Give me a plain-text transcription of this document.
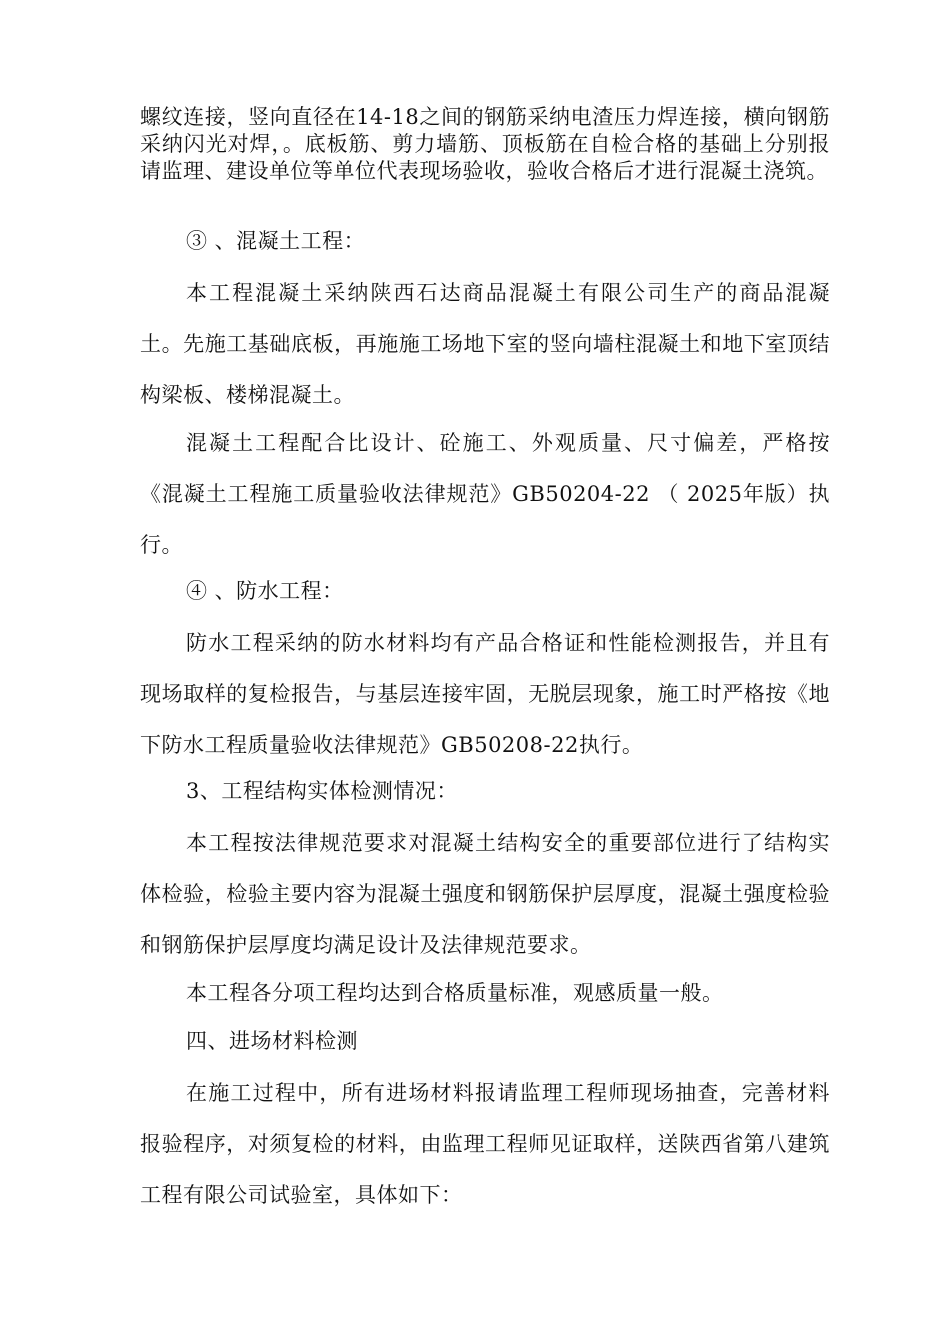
螺纹连接，竖向直径在14-18之间的钢筋采纳电渣压力焊连接，横向钢筋采纳闪光对焊，。底板筋、剪力墙筋、顶板筋在自检合格的基础上分别报请监理、建设单位等单位代表现场验收，验收合格后才进行混凝土浇筑。

③ 、混凝土工程：

本工程混凝土采纳陕西石达商品混凝土有限公司生产的商品混凝土。先施工基础底板，再施施工场地下室的竖向墙柱混凝土和地下室顶结构梁板、楼梯混凝土。

混凝土工程配合比设计、砼施工、外观质量、尺寸偏差，严格按《混凝土工程施工质量验收法律规范》GB50204-22 （ 2025年版）执行。

④ 、防水工程：

防水工程采纳的防水材料均有产品合格证和性能检测报告，并且有现场取样的复检报告，与基层连接牢固，无脱层现象，施工时严格按《地下防水工程质量验收法律规范》GB50208-22执行。

3、工程结构实体检测情况：

本工程按法律规范要求对混凝土结构安全的重要部位进行了结构实体检验，检验主要内容为混凝土强度和钢筋保护层厚度，混凝土强度检验和钢筋保护层厚度均满足设计及法律规范要求。

本工程各分项工程均达到合格质量标准，观感质量一般。

四、进场材料检测

在施工过程中，所有进场材料报请监理工程师现场抽查，完善材料报验程序，对须复检的材料，由监理工程师见证取样，送陕西省第八建筑工程有限公司试验室，具体如下：
